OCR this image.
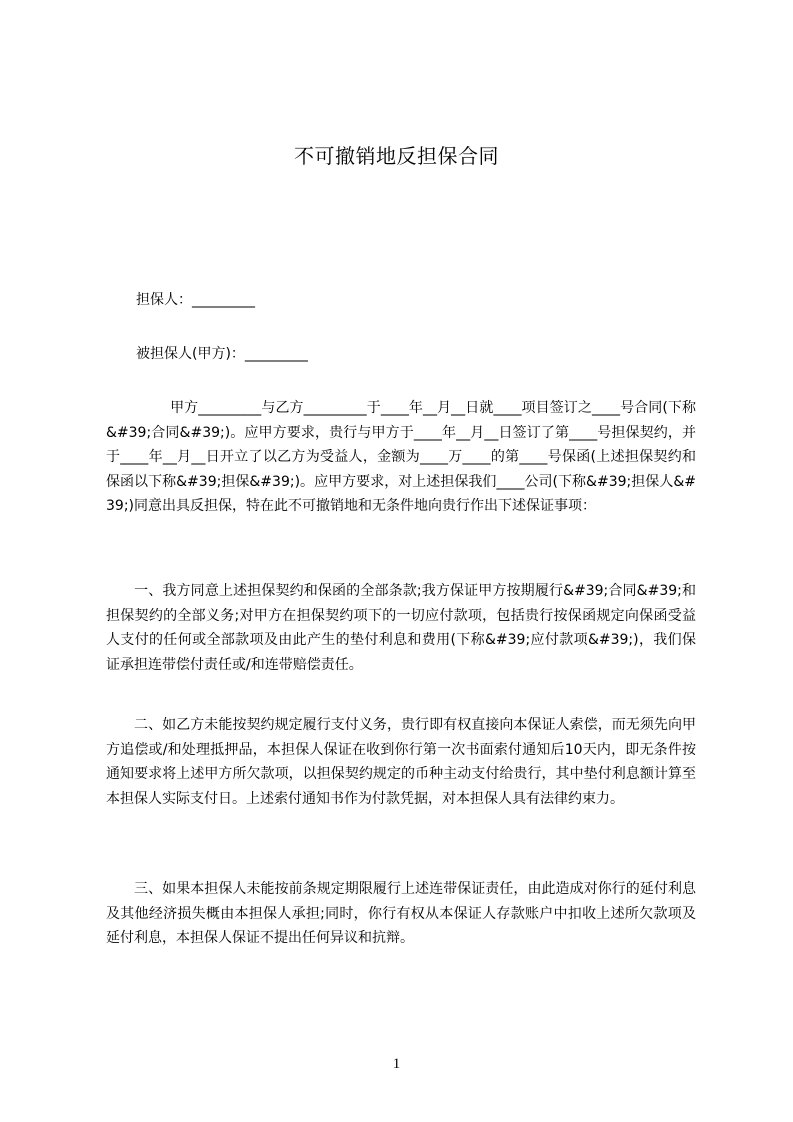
不可撤销地反担保合同
担保人：_________
被担保人(甲方)：_________
甲方_________与乙方_________于____年__月__日就____项目签订之____号合同(下称&#39;合同&#39;)。应甲方要求，贵行与甲方于____年__月__日签订了第____号担保契约，并于____年__月__日开立了以乙方为受益人，金额为____万____的第____号保函(上述担保契约和保函以下称&#39;担保&#39;)。应甲方要求，对上述担保我们____公司(下称&#39;担保人&#39;)同意出具反担保，特在此不可撤销地和无条件地向贵行作出下述保证事项：
一、我方同意上述担保契约和保函的全部条款;我方保证甲方按期履行&#39;合同&#39;和担保契约的全部义务;对甲方在担保契约项下的一切应付款项，包括贵行按保函规定向保函受益人支付的任何或全部款项及由此产生的垫付利息和费用(下称&#39;应付款项&#39;)，我们保证承担连带偿付责任或/和连带赔偿责任。
二、如乙方未能按契约规定履行支付义务，贵行即有权直接向本保证人索偿，而无须先向甲方追偿或/和处理抵押品，本担保人保证在收到你行第一次书面索付通知后10天内，即无条件按通知要求将上述甲方所欠款项，以担保契约规定的币种主动支付给贵行，其中垫付利息额计算至本担保人实际支付日。上述索付通知书作为付款凭据，对本担保人具有法律约束力。
三、如果本担保人未能按前条规定期限履行上述连带保证责任，由此造成对你行的延付利息及其他经济损失概由本担保人承担;同时，你行有权从本保证人存款账户中扣收上述所欠款项及延付利息，本担保人保证不提出任何异议和抗辩。
1
